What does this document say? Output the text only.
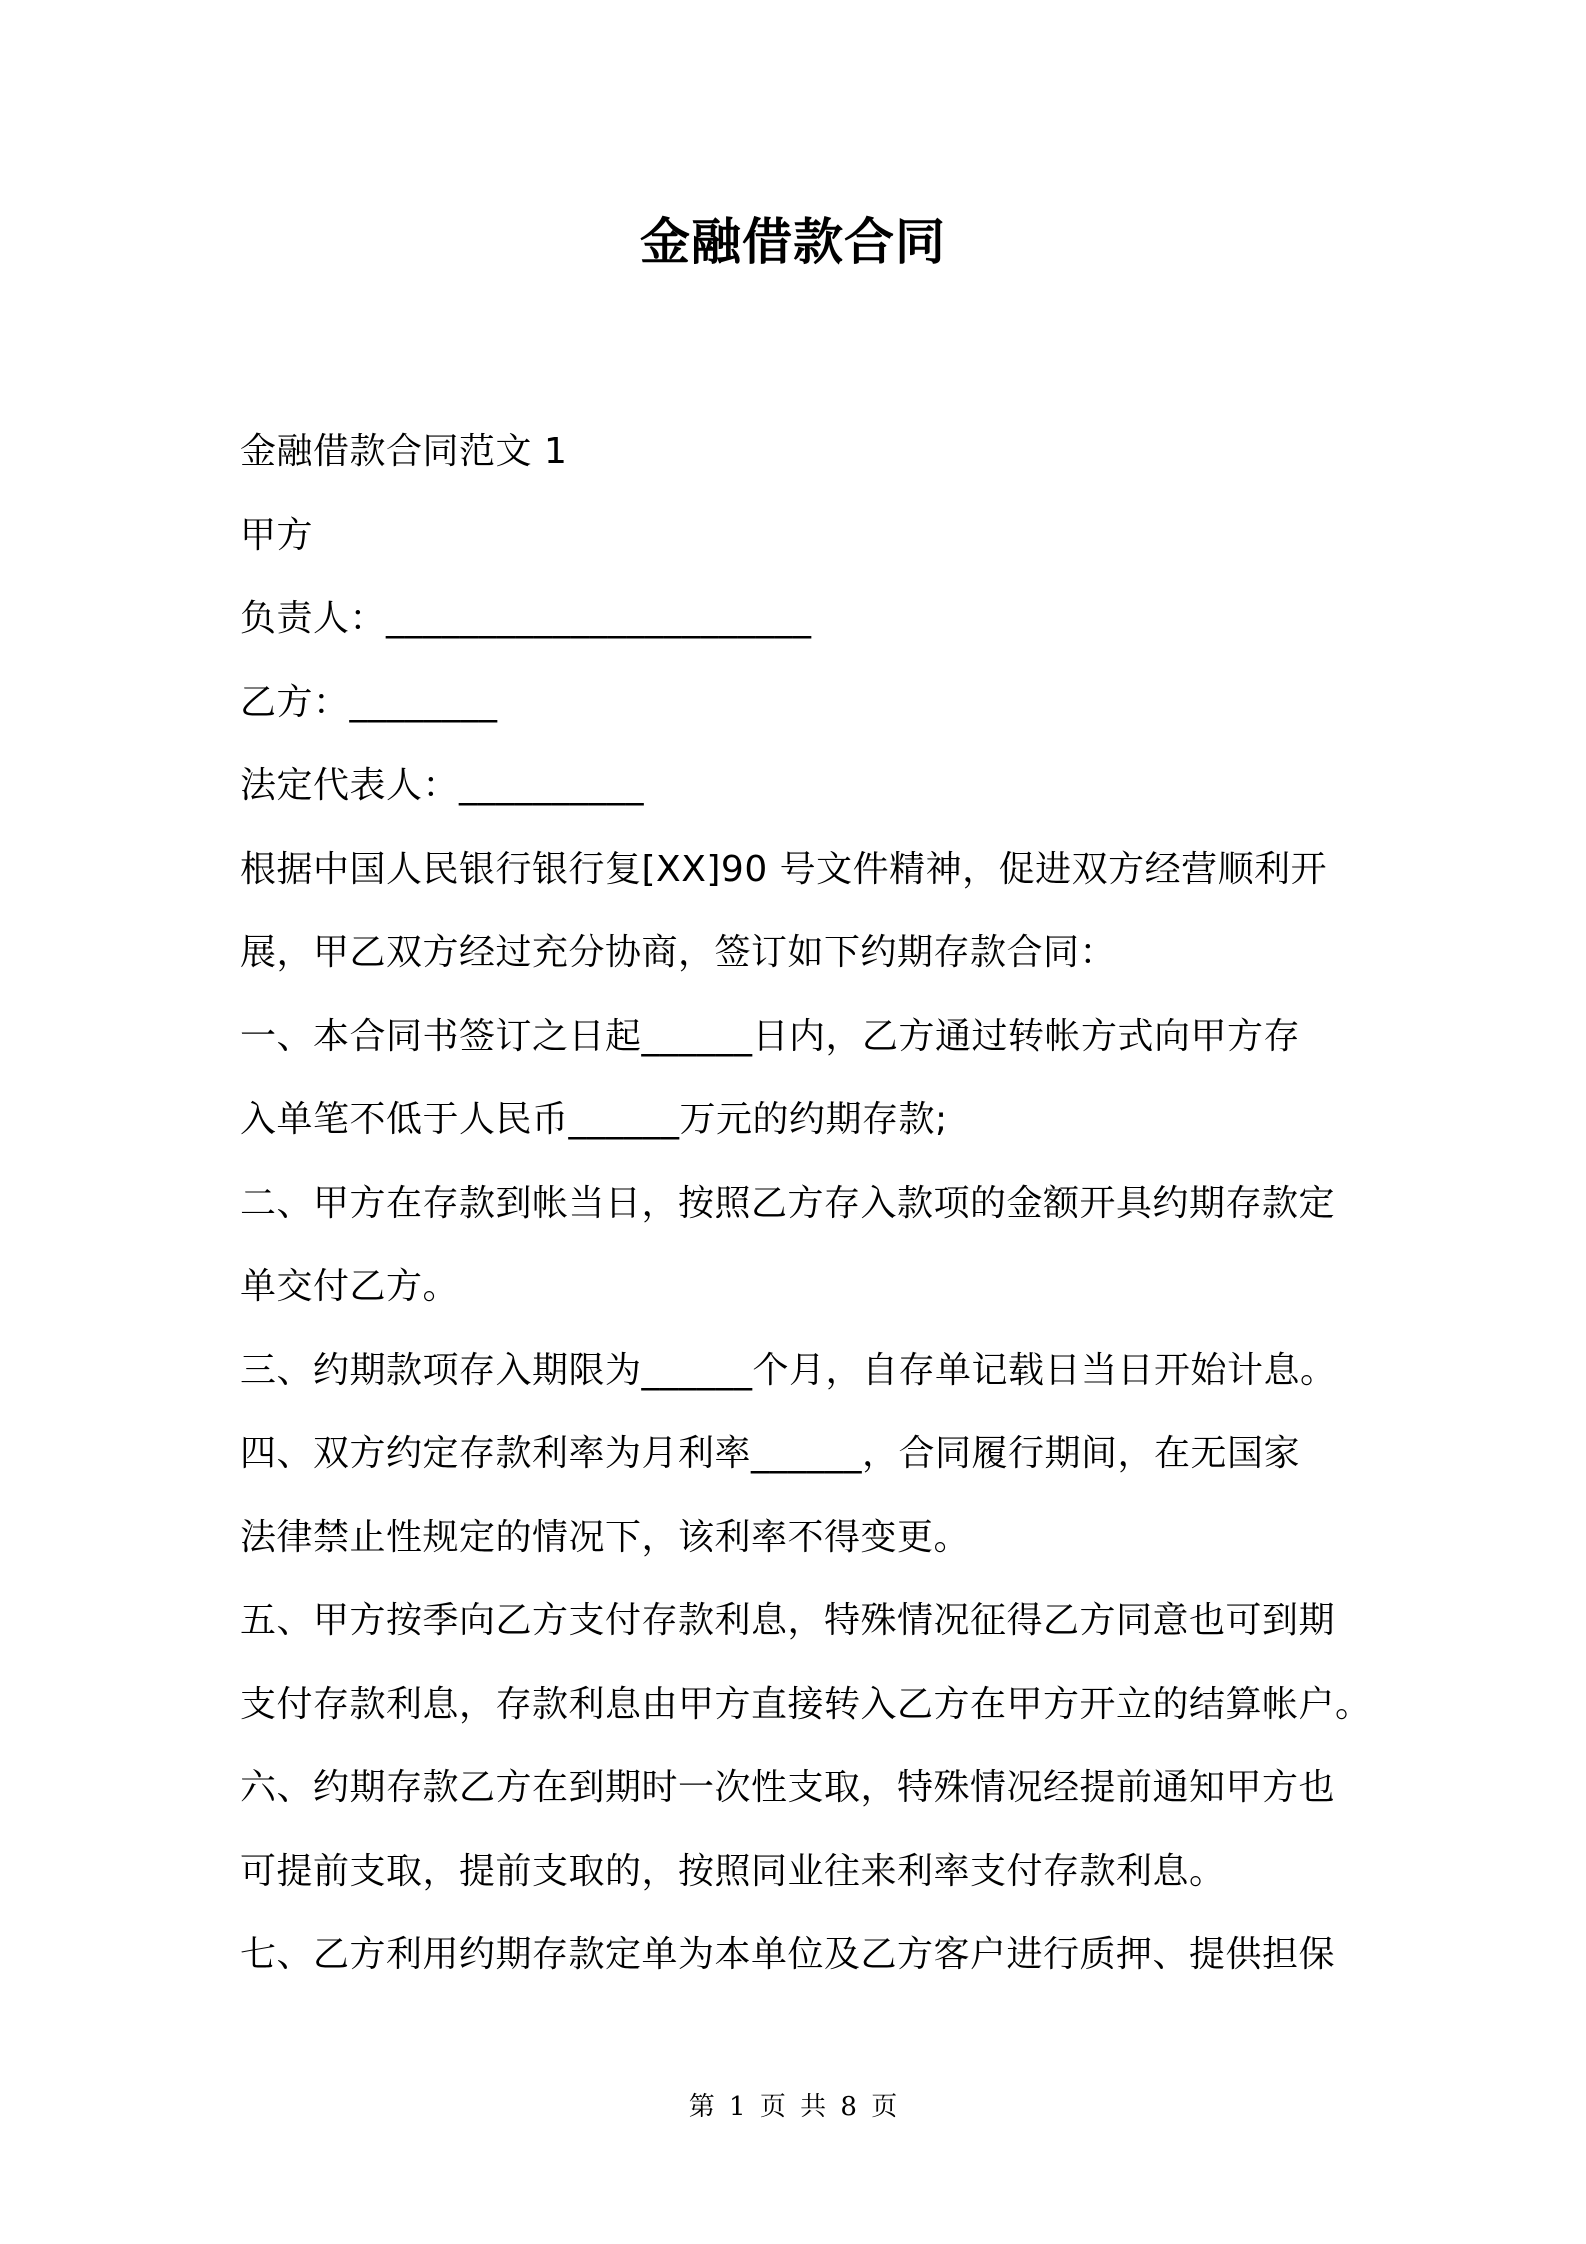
金融借款合同
金融借款合同范文 1
甲方
负责人：_______________________
乙方：________
法定代表人：__________
根据中国人民银行银行复[XX]90 号文件精神，促进双方经营顺利开
展，甲乙双方经过充分协商，签订如下约期存款合同：
一、本合同书签订之日起______日内，乙方通过转帐方式向甲方存
入单笔不低于人民币______万元的约期存款;
二、甲方在存款到帐当日，按照乙方存入款项的金额开具约期存款定
单交付乙方。
三、约期款项存入期限为______个月，自存单记载日当日开始计息。
四、双方约定存款利率为月利率______，合同履行期间，在无国家
法律禁止性规定的情况下，该利率不得变更。
五、甲方按季向乙方支付存款利息，特殊情况征得乙方同意也可到期
支付存款利息，存款利息由甲方直接转入乙方在甲方开立的结算帐户。
六、约期存款乙方在到期时一次性支取，特殊情况经提前通知甲方也
可提前支取，提前支取的，按照同业往来利率支付存款利息。
七、乙方利用约期存款定单为本单位及乙方客户进行质押、提供担保
第 1 页 共 8 页
